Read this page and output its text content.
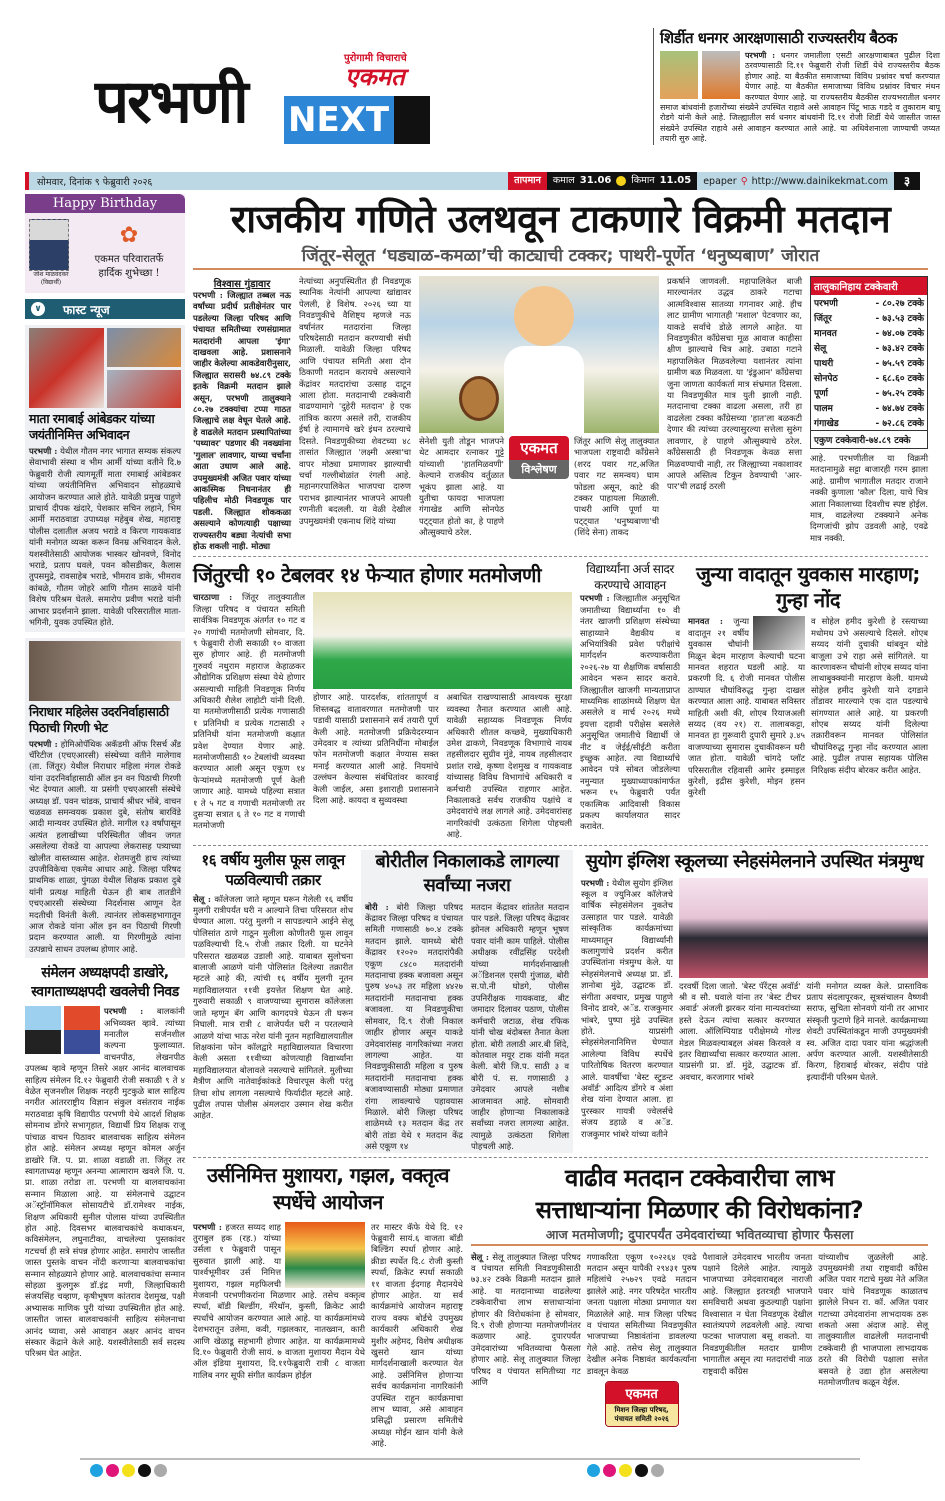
परभणी NEXT
पुरोगामी विचाराचे
एकमत
शिर्डीत धनगर आरक्षणासाठी राज्यस्तरीय बैठक

परभणी : धनगर जमातीला एसटी आरक्षणाबाबत पुढील दिशा ठरवण्यासाठी दि.११ फेब्रुवारी रोजी शिर्डी येथे राज्यस्तरीय बैठक होणार आहे. या बैठकीत समाजाच्या विविध प्रश्नांवर चर्चा करण्यात येणार आहे. या बैठकीत समाजाच्या विविध प्रश्नांवर विचार मंथन करण्यात येणार आहे. या राज्यस्तरीय बैठकीस राज्यभरातील धनगर समाज बांधवांनी हजारोंच्या संख्येने उपस्थित राहावे असे आवाहन पिंटू भाऊ गडदे व तुकाराम बापू रोडगे यांनी केले आहे. जिल्ह्यातील सर्व धनगर बांधवांनी दि.११ रोजी शिर्डी येथे जास्तीत जास्त संख्येने उपस्थित राहावे असे आवाहन करण्यात आले आहे. या अधिवेशनाला जाण्याची जय्यत तयारी सुरु आहे.

सोमवार, दिनांक ९ फेब्रुवारी २०२६	तापमान	कमाल 31.06 किमान 11.05 epaper ⚲ http://www.dainikekmat.com	३
Happy Birthday
जोश माळवदकर
(विद्यार्थी)
✿
एकमत परिवारातर्फे
हार्दिक शुभेच्छा !
∨ फास्ट न्यूज
माता रमाबाई आंबेडकर यांच्या जयंतीनिमित्त अभिवादन

परभणी : येथील गौतम नगर भागात सम्यक संकल्प सेवाभावी संस्था व भीम आर्मी यांच्या वतीने दि.७ फेब्रुवारी रोजी त्यागमूर्ती माता रमाबाई आंबेडकर यांच्या जयंतीनिमित्त अभिवादन सोहळ्याचे आयोजन करण्यात आले होते. यावेळी प्रमुख पाहुणे प्राचार्य दीपक खंदारे, पेशकार सचिन लहाने, भिम आर्मी मराठवाडा उपाध्यक्ष महेबुब शेख, महाराष्ट्र पोलीस दलातील अजय भराडे व किरण गायकवाड यांनी मनोगत व्यक्त करून विनम्र अभिवादन केले. यशस्वीतेसाठी आयोजक भास्कर खोनवणे, विनोद भराडे, प्रताप घवले, पवन कौसडीकर, कैलास तुपसमुद्रे, रावसाहेब भराडे, भीमराव डाके, भीमराव कांबळे, गौतम जोहरे आणि गौतम साळवे यांनी विशेष परिश्रम घेतले. समारोप प्रवीण भराडे यांनी आभार प्रदर्शनाने झाला. यावेळी परिसरातील माता-भगिनी, युवक उपस्थित होते.

निराधार महिलेस उदरनिर्वाहासाठी पिठाची गिरणी भेट

परभणी : होमिओपॅथिक अकॅडमी ऑफ रिसर्च अँड चॅरिटीज (एचएआरसी) संस्थेच्या वतीने मालेगाव (ता. जिंतूर) येथील निराधार महिला मंगल रोकडे यांना उदरनिर्वाहासाठी ऑल इन वन पिठाची गिरणी भेट देण्यात आली. या प्रसंगी एचएआरसी संस्थेचे अध्यक्ष डॉ. पवन चांडक, प्राचार्य श्रीधर भोंबे, वाचन चळवळ समन्वयक प्रकाश दुबे, संतोष बारविंडे आदी मान्यवर उपस्थित होते. मागील १३ वर्षांपासून अत्यंत हलाखीच्या परिस्थितीत जीवन जगत असलेल्या रोकडे या आपल्या लेकरासह पत्र्याच्या खोलीत वास्तव्यास आहेत. शेतमजुरी हाच त्यांच्या उपजीविकेचा एकमेव आधार आहे. जिल्हा परिषद प्राथमिक शाळा, पुंगळा येथील शिक्षक प्रकाश दुबे यांनी प्रत्यक्ष माहिती घेऊन ही बाब तातडीने एचएआरसी संस्थेच्या निदर्शनास आणून देत मदतीची विनंती केली. त्यानंतर लोकसहभागातून आज रोकडे यांना ऑल इन वन पिठाची गिरणी प्रदान करण्यात आली. या गिरणीमुळे त्यांना उत्पन्नाचे साधन उपलब्ध होणार आहे.

संमेलन अध्यक्षपदी डाखोरे, स्वागताध्यक्षपदी खवलेची निवड

परभणी : बालकांनी अभिव्यक्त व्हावे. त्यांच्या मनातील सर्जनशील कल्पना फुलाव्यात. वाचनपीठ, लेखनपीठ उपलब्ध व्हावे म्हणून तिसरे अक्षर आनंद बालवाचक साहित्य संमेलन दि.१२ फेब्रुवारी रोजी सकाळी ९ ते ४ वेळेत सृजनशील शिक्षक नरहरी मुटकुळे बाल साहित्य नगरीत आंतरराष्ट्रीय विज्ञान संकुल वसंतराव नाईक मराठवाडा कृषि विद्यापीठ परभणी येथे आदर्श शिक्षक सोमनाथ डोंगरे सभागृहात, विद्यार्थी प्रिय शिक्षक राजू पांचाळ वाचन पिठावर बालवाचक साहित्य संमेलन होत आहे. संमेलन अध्यक्ष म्हणून कोमल अर्जुन डाखोरे जि. प. प्रा. शाळा वडाळी ता. जिंतूर तर स्वागताध्यक्ष म्हणून अनन्या आत्माराम खवले जि. प. प्रा. शाळा तरोडा ता. परभणी या बालवाचकांना सन्मान मिळाला आहे. या संमेलनाचे उद्घाटन अॅस्ट्रॉनॉमिकल सोसायटीचे डॉ.रामेश्वर नाईक, शिक्षण अधिकारी सुनील पोलास यांच्या उपस्थितीत होत आहे. दिवसभर बालवाचकांचे कथाकथन, कविसंमेलन, लघुनाटीका, वाचलेल्या पुस्तकांवर गटचर्चा ही सत्रे संपन्न होणार आहेत. समारोप जास्तीत जास्त पुस्तके वाचन नोंदी करणाऱ्या बालवाचकांचा सन्मान सोहळ्याने होणार आहे. बालवाचकांचा सन्मान सोहळा कुलगुरू डॉ.इंद्र मणी, जिल्हाधिकारी संजयसिंह चव्हाण, कृषीभूषण कांतराव देशमुख, पक्षी अभ्यासक माणिक पुरी यांच्या उपस्थितीत होत आहे. जास्तीत जास्त बालवाचकांनी साहित्य संमेलनाचा आनंद घ्यावा, असे आवाहन अक्षर आनंद वाचन संस्कार केंद्राने केले आहे. यशस्वीतेसाठी सर्व सदस्य परिश्रम घेत आहेत.

राजकीय गणिते उलथवून टाकणारे विक्रमी मतदान
जिंतूर-सेलूत ‘घड्याळ-कमळा’ची काट्याची टक्कर; पाथरी-पूर्णेत ‘धनुष्यबाण’ जोरात
विश्वास गुंडावार

परभणी : जिल्ह्यात तब्बल नऊ वर्षांच्या प्रदीर्घ प्रतीक्षेनंतर पार पडलेल्या जिल्हा परिषद आणि पंचायत समितीच्या रणसंग्रामात मतदारांनी आपला 'इंगा' दाखवला आहे. प्रशासनाने जाहीर केलेल्या आकडेवारीनुसार, जिल्ह्यात सरासरी ७४.८९ टक्के इतके विक्रमी मतदान झाले असून, परभणी तालुक्याने ८०.२७ टक्क्यांचा टप्पा गाठत जिल्ह्याचे लक्ष वेधून घेतले आहे. हे वाढलेले मतदान प्रस्थापितांच्या 'पथ्यावर' पडणार की नवख्यांना 'गुलाल' लावणार, याच्या चर्चांना आता उधाण आले आहे. उपमुख्यमंत्री अजित पवार यांच्या आकस्मिक निधनानंतर ही पहिलीच मोठी निवडणूक पार पडली. जिल्ह्यात शोककळा असल्याने कोणत्याही पक्षाच्या राज्यस्तरीय बड्या नेत्यांची सभा होऊ शकली नाही. मोठ्या

नेत्यांच्या अनुपस्थितीत ही निवडणूक स्थानिक नेत्यांनी आपल्या खांद्यावर पेलली, हे विशेष. २०२६ च्या या निवडणुकीचे वैशिष्ट्य म्हणजे नऊ वर्षांनंतर मतदारांना जिल्हा परिषदेसाठी मतदान करण्याची संधी मिळाली. यावेळी जिल्हा परिषद आणि पंचायत समिती अशा दोन ठिकाणी मतदान करायचे असल्याने केंद्रांवर मतदारांचा उत्साह दाटून आला होता. मतदानाची टक्केवारी वाढण्यामागे 'दुहेरी मतदान' हे एक तांत्रिक कारण असले तरी, राजकीय ईर्षा हे त्यामागचे खरे इंधन ठरल्याचे दिसते. निवडणुकीच्या शेवटच्या ४८ तासांत जिल्ह्यात 'लक्ष्मी अस्त्रा'चा वापर मोठ्या प्रमाणावर झाल्याची चर्चा गल्लीबोळांत रंगली आहे. महानगरपालिकेत भाजपचा दारुण पराभव झाल्यानंतर भाजपने आपली रणनीती बदलली. या वेळी देखील उपमुख्यमंत्री एकनाथ शिंदे यांच्या

सेनेशी युती तोडून भाजपने थेट आमदार रत्नाकर गुट्टे यांच्याशी 'हातमिळवणी' केल्याने राजकीय वर्तुळात भूकंप झाला आहे. या युतीचा फायदा भाजपला गंगाखेड आणि सोनपेठ पट्ट्यात होतो का, हे पाहणे औत्सुक्याचे ठरेल.

एकमत
विश्लेषण

जिंतूर आणि सेलू तालुक्यात भाजपला राष्ट्रवादी काँग्रेसने (शरद पवार गट,अजित पवार गट समन्वय) घाम फोडला असून, काटे की टक्कर पाहायला मिळाली. पाथरी आणि पूर्णा या पट्ट्यात 'धनुष्यबाणा'ची (शिंदे सेना) ताकद

प्रकर्षाने जाणवली. महापालिकेत बाजी मारल्यानंतर उद्धव ठाकरे गटाचा आत्मविश्वास सातव्या गगनावर आहे. हीच लाट ग्रामीण भागातही 'मशाल' पेटवणार का, याकडे सर्वांचे डोळे लागले आहेत. या निवडणुकीत काँग्रेसचा मूळ आवाज काहीसा क्षीण झाल्याचे चित्र आहे. उबाठा गटाने महापालिकेत मिळवलेल्या यशानंतर त्यांना ग्रामीण बळ मिळवला. या 'इंडुआन' काँग्रेसचा जुना जाणता कार्यकर्ता मात्र संभ्रमात दिसला. या निवडणुकीत मात्र युती झाली नाही. मतदानाचा टक्का वाढला असला, तरी हा वाढलेला टक्का काँग्रेसच्या 'हात'ला बळकटी देणार की त्यांच्या उरल्यासुरल्या सत्तेला सुरुंग लावणार, हे पाहणे औत्सुक्याचे ठरेल. काँग्रेससाठी ही निवडणूक केवळ सत्ता मिळवण्याची नाही, तर जिल्ह्याच्या नकाशावर आपले अस्तित्व टिकून ठेवण्याची 'आर-पार'ची लढाई ठरली

तालुकानिहाय टक्केवारी
परभणी	- ८०.२७ टक्के
जिंतूर	- ७३.५३ टक्के
मानवत	- ७४.०७ टक्के
सेलू	- ७३.४२ टक्के
पाथरी	- ७५.५९ टक्के
सोनपेठ	- ६८.६० टक्के
पूर्णा	- ७५.२५ टक्के
पालम	- ७४.७४ टक्के
गंगाखेड	- ७२.८६ टक्के
एकुण टक्केवारी-७४.८९ टक्के

आहे. परभणीतील या विक्रमी मतदानामुळे सट्टा बाजारही गरम झाला आहे. ग्रामीण भागातील मतदार राजाने नक्की कुणाला 'कौल' दिला, याचे चित्र आता निकालाच्या दिवशीच स्पष्ट होईल. मात्र, वाढलेल्या टक्क्याने अनेक दिग्गजांची झोप उडवली आहे, एवढे मात्र नक्की.

जिंतुरची १० टेबलवर १४ फेऱ्यात होणार मतमोजणी

चारठाणा : जिंतूर तालुक्यातील जिल्हा परिषद व पंचायत समिती सार्वत्रिक निवडणूक अंतर्गत १० गट व २० गणांची मतमोजणी सोमवार, दि. ९ फेब्रुवारी रोजी सकाळी १० वाजता सुरु होणार आहे. ही मतमोजणी गुरुवर्य नथुराम महाराज केहाळकर औद्योगिक प्रशिक्षण संस्था येथे होणार असल्याची माहिती निवडणूक निर्णय अधिकारी शैलेश लाहोटी यांनी दिली. या मतमोजणीसाठी प्रत्येक गणासाठी १ प्रतिनिधी व प्रत्येक गटासाठी २ प्रतिनिधी यांना मतमोजणी कक्षात प्रवेश देण्यात येणार आहे. मतमोजणीसाठी १० टेबलांची व्यवस्था करण्यात आली असून एकूण १४ फेऱ्यांमध्ये मतमोजणी पूर्ण केली जाणार आहे. यामध्ये पहिल्या सत्रात १ ते ५ गट व गणाची मतमोजणी तर दुसऱ्या सत्रात ६ ते १० गट व गणाची मतमोजणी

होणार आहे. पारदर्शक, शांततापूर्ण व शिस्तबद्ध वातावरणात मतमोजणी पार पडावी यासाठी प्रशासनाने सर्व तयारी पूर्ण केली आहे. मतमोजणी प्रक्रियेदरम्यान उमेदवार व त्यांच्या प्रतिनिधींना मोबाईल फोन मतमोजणी कक्षात नेण्यास सक्त मनाई करण्यात आली आहे. नियमांचे उल्लंघन केल्यास संबंधितांवर कारवाई केली जाईल, असा इशाराही प्रशासनाने दिला आहे. कायदा व सुव्यवस्था

अबाधित राखण्यासाठी आवश्यक सुरक्षा व्यवस्था तैनात करण्यात आली आहे. यावेळी सहाय्यक निवडणूक निर्णय अधिकारी शीतल कच्छवे, मुख्याधिकारी उमेश ढाकणे, निवडणूक विभागाचे नायब तहसीलदार सुग्रीव मुंडे, नायब तहसीलदार प्रशांत राखे, कृष्णा देशमुख व गायकवाड यांच्यासह विविध विभागांचे अधिकारी व कर्मचारी उपस्थित राहणार आहेत. निकालाकडे सर्वच राजकीय पक्षांचे व उमेदवारांचे लक्ष लागले आहे. उमेदवारांसह नागरिकांची उत्कंठता शिगेला पोहचली आहे.

विद्यार्थ्यांना अर्ज सादर करण्याचे आवाहन

परभणी : जिल्ह्यातील अनुसूचित जमातीच्या विद्यार्थ्यांना १० वी नंतर खाजगी प्रशिक्षण संस्थेच्या साहाय्याने वैद्यकीय व अभियांत्रिकी प्रवेश परीक्षांचे मार्गदर्शन करण्याकरीता २०२६-२७ या शैक्षणिक वर्षासाठी आवेदन भरून सादर करावे. जिल्ह्यातील खाजगी मान्यताप्राप्त माध्यमिक शाळांमध्ये शिक्षण घेत असलेले व मार्च २०२६ मध्ये इयत्ता दहावी परीक्षेस बसलेले अनुसूचित जमातीचे विद्यार्थी जे नीट व जेईई/सीईटी करीता इच्छुक आहेत. त्या विद्यार्थ्यांचे आवेदन पत्रे सोबत जोडलेल्या नमुन्यात मुख्याध्यापकांमार्फत भरून १५ फेब्रुवारी पर्यंत एकात्मिक आदिवासी विकास प्रकल्प कार्यालयात सादर करावेत.

जुन्या वादातून युवकास मारहाण; गुन्हा नोंद

मानवत : जुन्या वादातून २१ वर्षीय युवकास चौघांनी मिळून बेदम मारहाण केल्याची घटना मानवत शहरात घडली आहे. या प्रकरणी दि. ६ रोजी मानवत पोलीस ठाण्यात चौघांविरुद्ध गुन्हा दाखल करण्यात आला आहे. याबाबत सविस्तर माहिती अशी की, शोएब रियाजअली सय्यद (वय २१) रा. तालाबकट्टा, मानवत हा गुरूवारी दुपारी सुमारे ३.४५ वाजण्याच्या सुमारास दुचाकीवरून घरी जात होता. यावेळी चांगदे प्लॉट परिसरातील रहिवासी आमेर इस्माइल कुरेशी, इद्रीस कुरेशी, मोइन हसन कुरेशी

व सोहेल हमीद कुरेशी हे रस्त्याच्या मधोमध उभे असल्याचे दिसले. शोएब सय्यद यांनी दुचाकी थांबवून थोडे बाजूला उभे राहा असे सांगितले. या कारणावरून चौघांनी शोएब सय्यद यांना लाथाबुक्क्यांनी मारहाण केली. यामध्ये सोहेल हमीद कुरेशी याने दगडाने तोंडावर मारल्याने एक दात पडल्याचे सांगण्यात आले आहे. या प्रकरणी शोएब सय्यद यांनी दिलेल्या तक्रारीवरून मानवत पोलिसांत चौघांविरुद्ध गुन्हा नोंद करण्यात आला आहे. पुढील तपास सहायक पोलिस निरिक्षक संदीप बोरकर करीत आहेत.

१६ वर्षीय मुलीस फूस लावून पळविल्याची तक्रार

सेलू : कॉलेजला जाते म्हणून घरून गेलेली १६ वर्षीय मुलगी रात्रीपर्यंत घरी न आल्याने तिचा परिसरात शोध घेण्यात आला. परंतु मुलगी न सापडल्याने आईने सेलू पोलिसांत ठाणे गाठून मुलीला कोणीतरी फूस लावून पळविल्याची दि.५ रोजी तक्रार दिली. या घटनेने परिसरात खळबळ उडाली आहे. याबाबत सुलोचना बालाजी आळणे यांनी पोलिसांत दिलेल्या तक्रारीत म्हटले आहे की, त्यांची १६ वर्षीय मुलगी नूतन महाविद्यालयात ११वी इयत्तेत शिक्षण घेत आहे. गुरुवारी सकाळी ९ वाजण्याच्या सुमारास कॉलेजला जाते म्हणून बॅग आणि कागदपत्रे घेऊन ती घरून निघाली. मात्र रात्री ८ वाजेपर्यंत घरी न परतल्याने आळणे यांचा भाऊ नरेश यांनी नूतन महाविद्यालयातील शिक्षकांना फोन कॉलद्वारे महाविद्यालयात विचारणा केली असता ११वीच्या कोणत्याही विद्यार्थ्यांना महाविद्यालयात बोलावले नसल्याचे सांगितले. मुलीच्या मैत्रीण आणि नातेवाईकांकडे विचारपूस केली परंतु तिचा शोध लागला नसल्याचे फिर्यादीत म्हटले आहे. पुढील तपास पोलीस अंमलदार उस्मान शेख करीत आहेत.

बोरीतील निकालाकडे लागल्या सर्वांच्या नजरा

बोरी : बोरी जिल्हा परिषद केंद्रावर जिल्हा परिषद व पंचायत समिती गणासाठी ७०.४ टक्के मतदान झाले. यामध्ये बोरी केंद्रावर १२०२० मतदारांपैकी एकूण ८४८० मतदारांनी मतदानाचा हक्क बजावला असून पुरुष ४०५३ तर महिला ४४२७ मतदारांनी मतदानाचा हक्क बजावला. या निवडणुकीचा सोमवार, दि.९ रोजी निकाल जाहीर होणार असून याकडे उमेदवारांसह नागरिकांच्या नजरा लागल्या आहेत. या निवडणुकीसाठी महिला व पुरुष मतदारांनी मतदानाचा हक्क बजावण्यासाठी मोठ्या प्रमाणात रांगा लावल्याचे पहावयास मिळाले. बोरी जिल्हा परिषद शाळेमध्ये १३ मतदान केंद्र तर बोरी तांडा येथे १ मतदान केंद्र असे एकूण १४

मतदान केंद्रावर शांततेत मतदान पार पडले. जिल्हा परिषद केंद्रावर झोनल अधिकारी म्हणून भूषण पवार यांनी काम पाहिले. पोलीस अधीक्षक रवींद्रसिंह परदेशी यांच्या मार्गदर्शनाखाली अॅडिशनल एसपी गुंजाळ, बोरी स.पो.नी घोडगे, पोलीस उपनिरीक्षक गायकवाड, बीट जमादार दिलावर पठाण, पोलीस कर्मचारी जटाळ, शेख रफिक यांनी चोख बंदोबस्त तैनात केला होता. बोरी तलाठी आर.बी शिंदे, कोतवाल मयूर टाक यांनी मदत केली. बोरी जि.प. साठी ३ व बोरी पं. स. गणासाठी ३ उमेदवार आपले नशीब आजमावत आहे. सोमवारी जाहीर होणाऱ्या निकालाकडे सर्वांच्या नजरा लागल्या आहेत. त्यामुळे उत्कंठता शिगेला पोहचली आहे.

सुयोग इंग्लिश स्कूलच्या स्नेहसंमेलनाने उपस्थित मंत्रमुग्ध

परभणी : येथील सुयोग इंग्लिश स्कूल व ज्युनिअर कॉलेजचे वार्षिक स्नेहसंमेलन नुकतेच उत्साहात पार पडले. यावेळी सांस्कृतिक कार्यक्रमांच्या माध्यमातून विद्यार्थ्यांनी कलागुणांचे प्रदर्शन करीत उपस्थितांना मंत्रमुग्ध केले. या स्नेहसंमेलनाचे अध्यक्ष प्रा. डॉ. ज्ञानोबा मुंढे, उद्घाटक डॉ. संगीता अवचार, प्रमुख पाहुणे विनोद डावरे, अॅड. राजकुमार भांबरे, पुष्पा मुंढे उपस्थित होते. याप्रसंगी स्नेहसंमेलनानिमित्त घेण्यात आलेल्या विविध स्पर्धेचे पारितोषिक वितरण करण्यात आले. यावर्षीचा 'बेस्ट स्टुडन्ट अवॉर्ड' आदित्य डोंगरे व अंशा शेख यांना देण्यात आला. हा पुरस्कार गायत्री ज्वेलर्सचे संजय डहाळे व अॅड. राजकुमार भांबरे यांच्या वतीने

दरवर्षी दिला जातो. 'बेस्ट पॅरेंट्स अवॉर्ड' श्री व सौ. घवाले यांना तर 'बेस्ट टीचर अवार्ड' अंजली झरकर यांना मान्यवरांच्या हस्ते देऊन त्यांचा सत्कार करण्यात आला. ऑलिम्पियाड परीक्षेमध्ये गोल्ड मेडल मिळवल्याबद्दल अंबस किरवले व इतर विद्यार्थ्यांचा सत्कार करण्यात आला. याप्रसंगी प्रा. डॉ. मुंढे, उद्घाटक डॉ. अवचार, करजागार भांबरे

यांनी मनोगत व्यक्त केले. प्रास्ताविक प्रताप संदलापूरकर, सूत्रसंचालन वैष्णवी सराफ, सुचिता सोनवणे यांनी तर आभार संस्कृती फुटाणे हिने मानले. कार्यक्रमाच्या शेवटी उपस्थितांकडून माजी उपमुख्यमंत्री स्व. अजित दादा पवार यांना श्रद्धांजली अर्पण करण्यात आली. यशस्वीतेसाठी किरण, हिराबाई बोरकर, संदीप पांडे इत्यादींनी परिश्रम घेतले.

उर्सनिमित्त मुशायरा, गझल, वक्तृत्व स्पर्धेचे आयोजन

परभणी : हजरत सय्यद शाह तुराबुल हक (रह.) यांच्या उर्सला १ फेब्रुवारी पासून सुरुवात झाली आहे. या पार्श्वभूमीवर उर्स निमित्त मुशायरा, गझल महफिलची मेजवानी परभणीकरांना मिळणार आहे. तसेच वक्तृत्व स्पर्धा, बाॅडी बिल्डींग, मॅरेथॉन, कुस्ती, क्रिकेट आदी स्पर्धांचे आयोजन करण्यात आले आहे. या कार्यक्रमांमध्ये देशभरातून उलेमा, कवी, गझलकार, नातख्वान, कारी आणि खेळाडू सहभागी होणार आहेत. या कार्यक्रमामध्ये दि.१० फेब्रुवारी रोजी सायं. ७ वाजता मुशायरा मैदान येथे ऑल इंडिया मुशायरा, दि.११फेब्रुवारी रात्री ८ वाजता गालिब नगर सूफी संगीत कार्यक्रम होईल

तर मास्टर कॅफे येथे दि. १२ फेब्रुवारी सायं.६ वाजता बॉडी बिल्डिंग स्पर्धा होणार आहे. क्रीडा स्पर्धेत दि.८ रोजी कुस्ती स्पर्धा, क्रिकेट स्पर्धा सकाळी ११ वाजता ईदगाह मैदानयेथे होणार आहेत. या सर्व कार्यक्रमांचे आयोजन महाराष्ट्र राज्य वक्फ बोर्डचे उपमुख्य कार्यकारी अधिकारी शेख मुशीर अहेमद, विशेष अधीक्षक खुसरो खान यांच्या मार्गदर्शनाखाली करण्यात येत आहे. उर्सनिमित्त होणाऱ्या सर्वच कार्यक्रमांना नागरिकांनी उपस्थित राहून कार्यक्रमाचा लाभ घ्यावा, असे आवाहन प्रसिद्धी प्रसारण समितीचे अध्यक्ष मोईन खान यांनी केले आहे.

वाढीव मतदान टक्केवारीचा लाभ
सत्ताधाऱ्यांना मिळणार की विरोधकांना?
आज मतमोजणी; दुपारपर्यंत उमेदवारांच्या भवितव्याचा होणार फैसला

सेलू : सेलू तालुक्यात जिल्हा परिषद व पंचायत समिती निवडणुकीसाठी ७३.४२ टक्के विक्रमी मतदान झाले आहे. या मतदानाच्या वाढलेल्या टक्केवारीचा लाभ सत्ताधाऱ्यांना होणार की विरोधकांना हे सोमवार, दि.९ रोजी होणाऱ्या मतमोजणीनंतर कळणार आहे. दुपारपर्यंत उमेदवारांच्या भवितव्याचा फैसला होणार आहे. सेलू तालुक्यात जिल्हा परिषद व पंचायत समितीच्या गट आणि

गणाकरिता एकूण १०२२६४ एवढे मतदान असून यापैकी २९४३१ पुरुष महिलांचे २५७२९ एवढे मतदान झालेले आहे. नगर परिषदेत भारतीय जनता पक्षाला मोठ्या प्रमाणात यश मिळालेले आहे. मात्र जिल्हा परिषद व पंचायत समितीच्या निवडणुकीत भाजपाच्या निष्ठावंतांना डावलल्या गेले आहे. तसेच सेलू तालुक्यात देखील अनेक निष्ठावंत कार्यकर्त्यांना डावलून केवळ

एकमत
मिशन जिल्हा परिषद, पंचायत समिती २०२६

पैशावाले उमेदवारच भारतीय जनता पक्षाने दिलेले आहेत. त्यामुळे भाजपाच्या उमेदवाराबद्दल नाराजी आहे. जिल्ह्यात इतरत्रही भाजपाने समविचारी अथवा कुठल्याही पक्षांना विश्वासात न घेता निवडणूक देखील स्वातंत्र्यपणे लढवलेली आहे. त्याचा फटका भाजपाला बसू शकतो. या निवडणुकीतील मतदार ग्रामीण भागातील असून त्या मतदारांची नाळ राष्ट्रवादी काँग्रेस

यांच्याशीच जुळलेली आहे. उपमुख्यमंत्री तथा राष्ट्रवादी काँग्रेस अजित पवार गटाचे मुख्य नेते अजित पवार यांचे निवडणूक काळातच झालेले निधन रा. कॉ. अजित पवार गटाच्या उमेदवारांना लाभदायक ठरू शकतो असा अंदाज आहे. सेलू तालुक्यातील वाढलेली मतदानाची टक्केवारी ही भाजपाला लाभदायक ठरते की विरोधी पक्षाला सत्तेत बसवते हे उद्या होत असलेल्या मतमोजणीतच कळून येईल.
